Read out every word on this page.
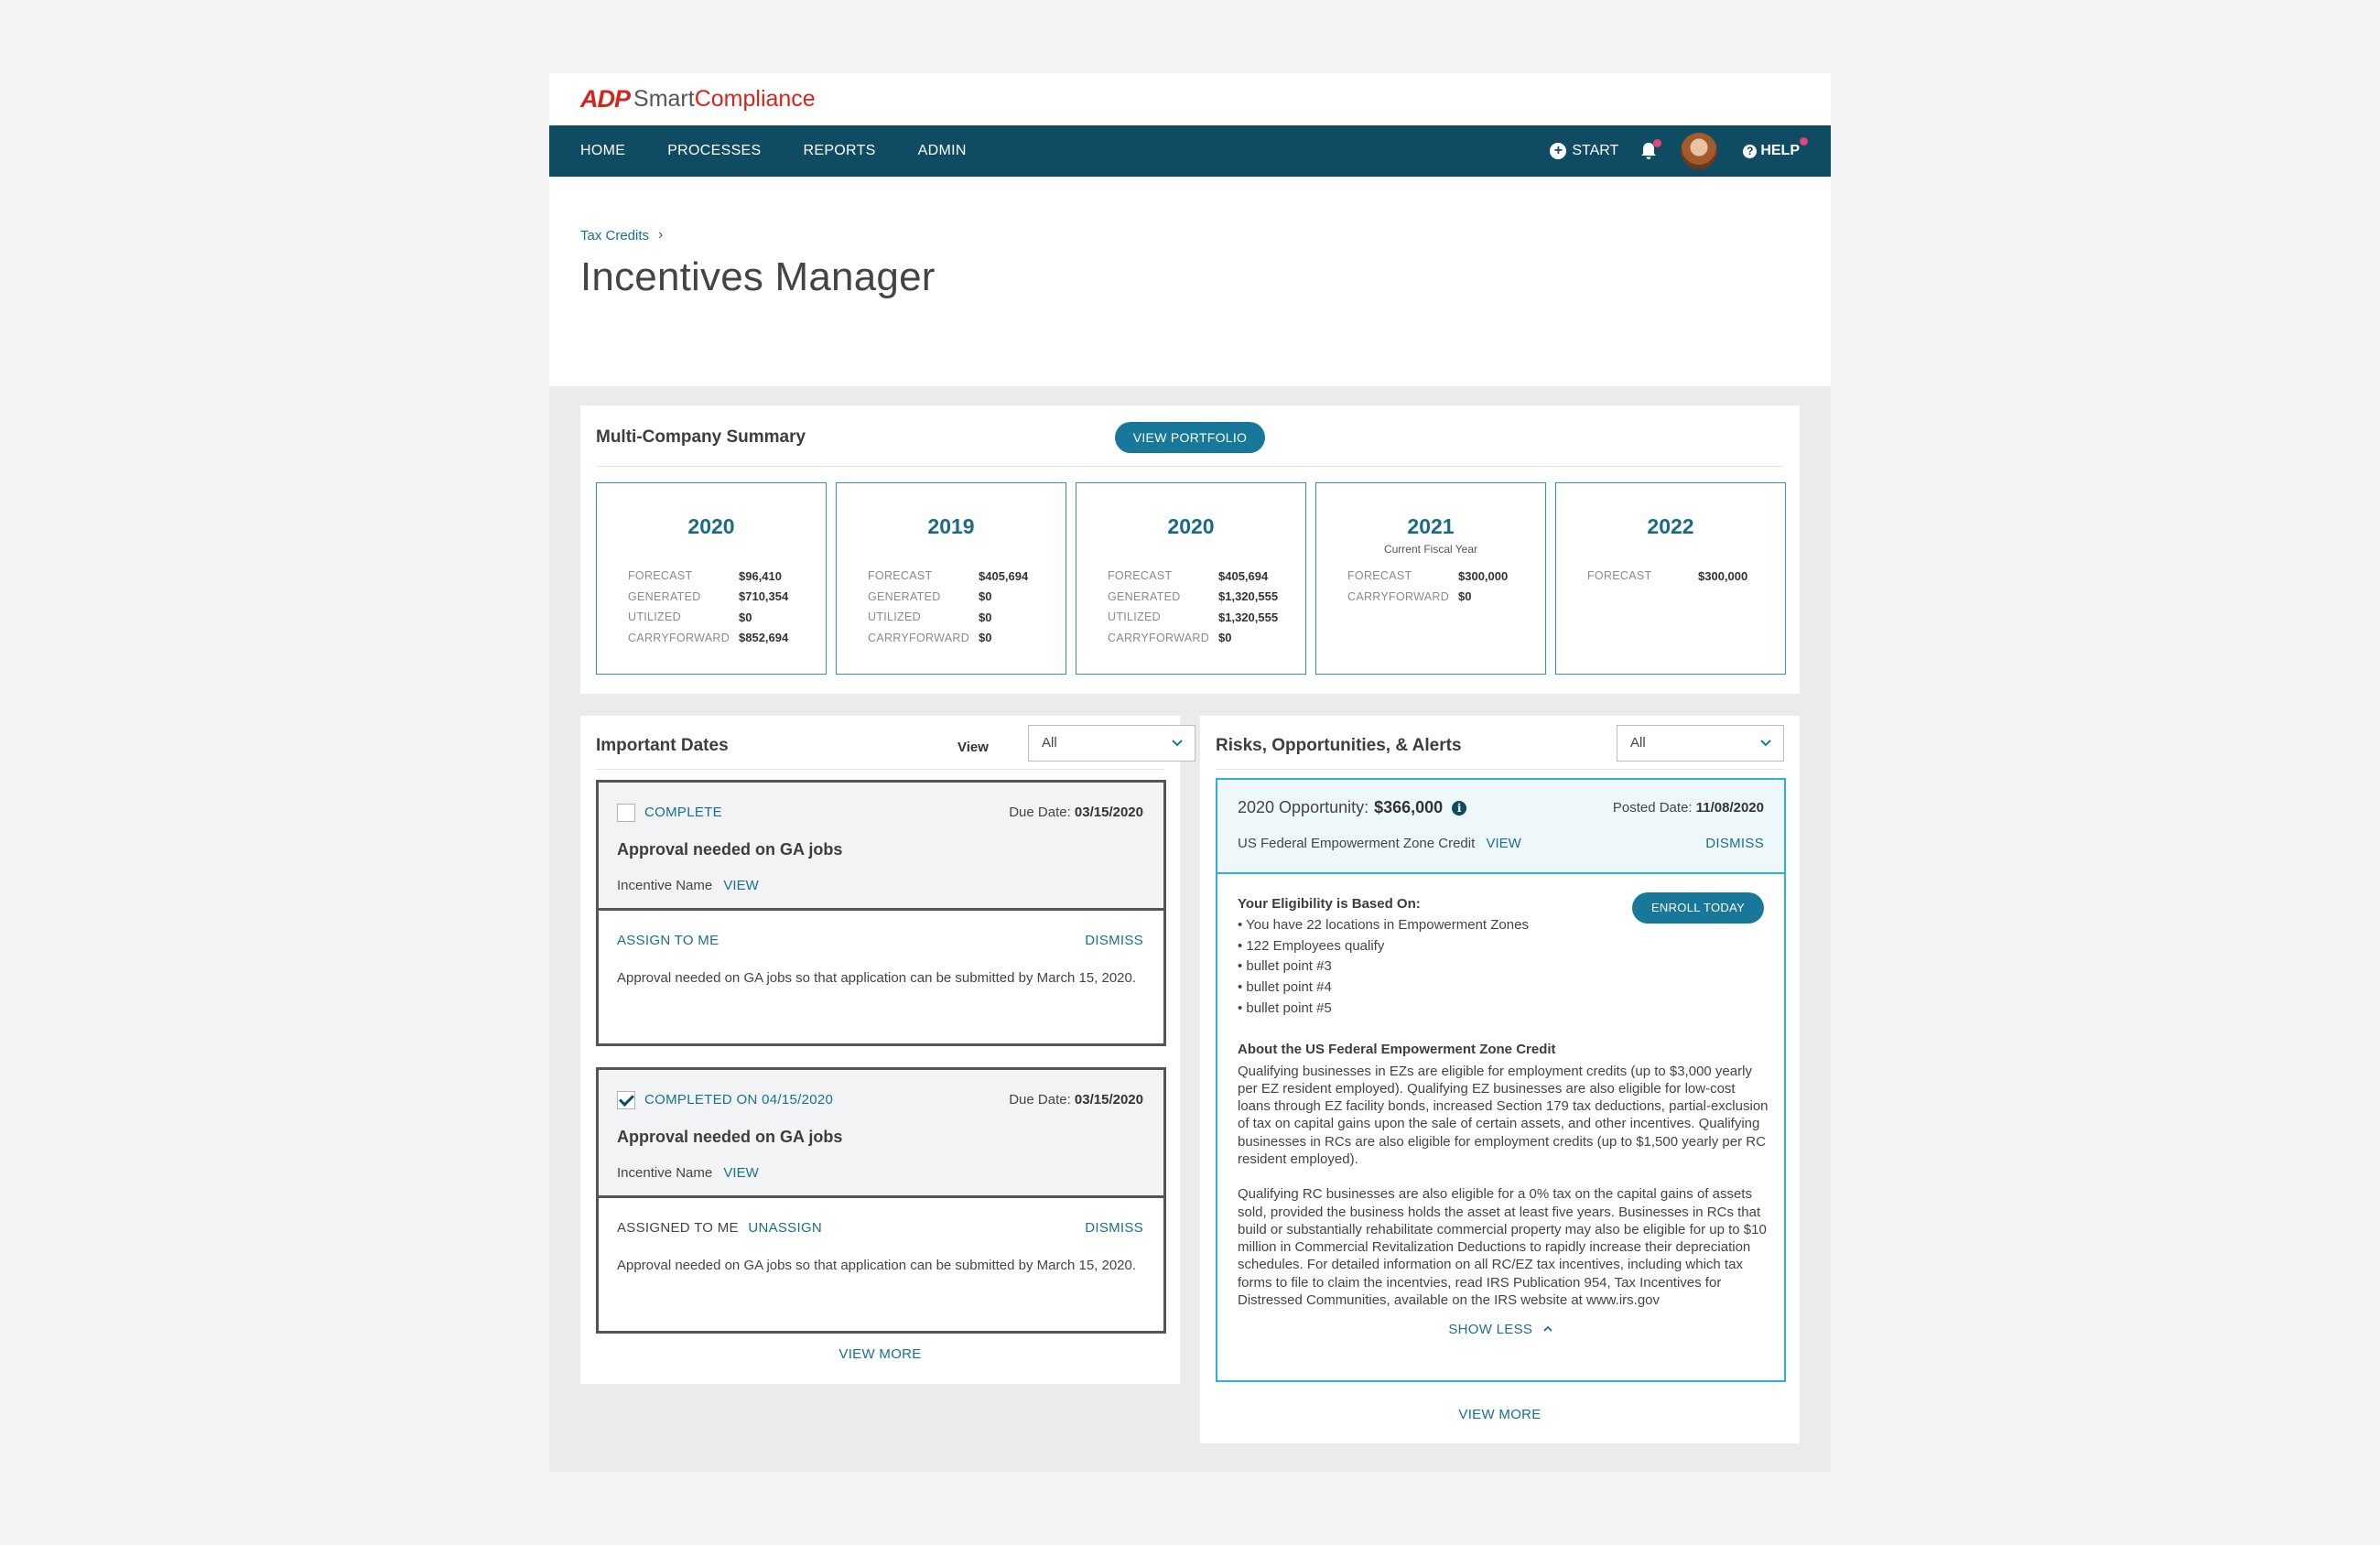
ADP Smart Compliance
HOME	PROCESSES	REPORTS	ADMIN	+ START	? HELP
Tax Credits ›
Incentives Manager
Multi-Company Summary	VIEW PORTFOLIO
2020
FORECAST	$96,410
GENERATED	$710,354
UTILIZED	$0
CARRYFORWARD $852,694
2019
FORECAST	$405,694
GENERATED	$0
UTILIZED	$0
CARRYFORWARD $0
2020
FORECAST	$405,694
GENERATED	$1,320,555
UTILIZED	$1,320,555
CARRYFORWARD $0
2021
Current Fiscal Year
FORECAST	$300,000
CARRYFORWARD $0
2022
FORECAST	$300,000
Important Dates	View	All
COMPLETE	Due Date: 03/15/2020
Approval needed on GA jobs
Incentive Name VIEW
ASSIGN TO ME	DISMISS

Approval needed on GA jobs so that application can be submitted by March 15, 2020.

COMPLETED ON 04/15/2020	Due Date: 03/15/2020
Approval needed on GA jobs
Incentive Name VIEW
ASSIGNED TO ME UNASSIGN	DISMISS

Approval needed on GA jobs so that application can be submitted by March 15, 2020.

VIEW MORE
Risks, Opportunities, & Alerts	All
2020 Opportunity: $366,000	i	Posted Date: 11/08/2020
US Federal Empowerment Zone Credit VIEW	DISMISS
ENROLL TODAY
Your Eligibility is Based On:
• You have 22 locations in Empowerment Zones
• 122 Employees qualify
• bullet point #3
• bullet point #4
• bullet point #5
About the US Federal Empowerment Zone Credit

Qualifying businesses in EZs are eligible for employment credits (up to $3,000 yearly per EZ resident employed). Qualifying EZ businesses are also eligible for low-cost loans through EZ facility bonds, increased Section 179 tax deductions, partial-exclusion of tax on capital gains upon the sale of certain assets, and other incentives. Qualifying businesses in RCs are also eligible for employment credits (up to $1,500 yearly per RC resident employed).

Qualifying RC businesses are also eligible for a 0% tax on the capital gains of assets sold, provided the business holds the asset at least five years. Businesses in RCs that build or substantially rehabilitate commercial property may also be eligible for up to $10 million in Commercial Revitalization Deductions to rapidly increase their depreciation schedules. For detailed information on all RC/EZ tax incentives, including which tax forms to file to claim the incentvies, read IRS Publication 954, Tax Incentives for Distressed Communities, available on the IRS website at www.irs.gov

SHOW LESS
VIEW MORE
